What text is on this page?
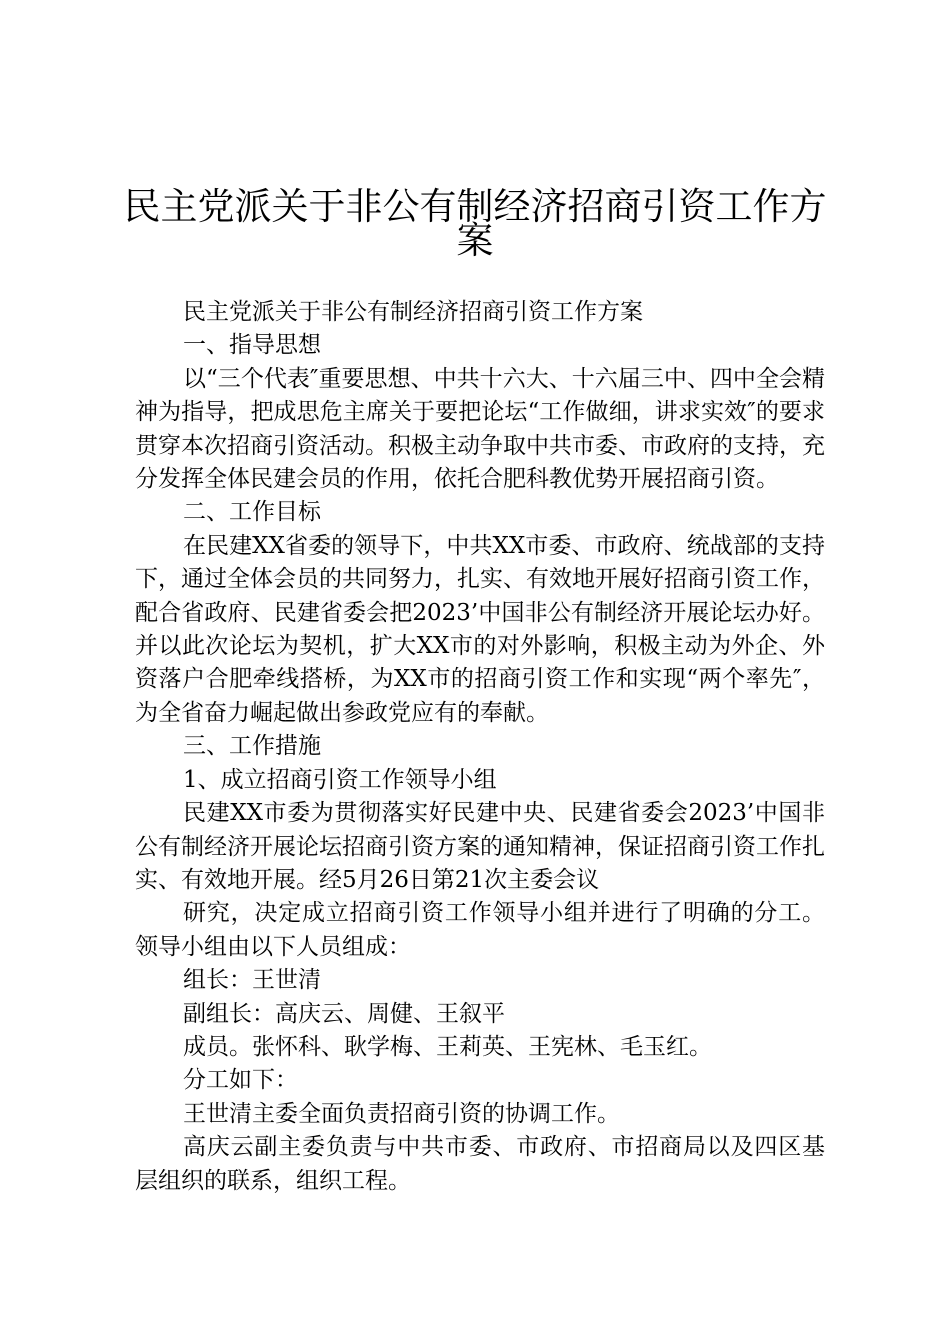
民主党派关于非公有制经济招商引资工作方
案

民主党派关于非公有制经济招商引资工作方案

一、指导思想

以“三个代表″重要思想、中共十六大、十六届三中、四中全会精神为指导，把成思危主席关于要把论坛“工作做细，讲求实效″的要求贯穿本次招商引资活动。积极主动争取中共市委、市政府的支持，充分发挥全体民建会员的作用，依托合肥科教优势开展招商引资。

二、工作目标

在民建XX省委的领导下，中共XX市委、市政府、统战部的支持下，通过全体会员的共同努力，扎实、有效地开展好招商引资工作，配合省政府、民建省委会把2023’中国非公有制经济开展论坛办好。并以此次论坛为契机，扩大XX市的对外影响，积极主动为外企、外资落户合肥牵线搭桥，为XX市的招商引资工作和实现“两个率先″，为全省奋力崛起做出参政党应有的奉献。

三、工作措施

1、成立招商引资工作领导小组

民建XX市委为贯彻落实好民建中央、民建省委会2023’中国非公有制经济开展论坛招商引资方案的通知精神，保证招商引资工作扎实、有效地开展。经5月26日第21次主委会议

研究，决定成立招商引资工作领导小组并进行了明确的分工。领导小组由以下人员组成：

组长：王世清

副组长：高庆云、周健、王叙平

成员。张怀科、耿学梅、王莉英、王宪林、毛玉红。

分工如下：

王世清主委全面负责招商引资的协调工作。

高庆云副主委负责与中共市委、市政府、市招商局以及四区基层组织的联系，组织工程。
